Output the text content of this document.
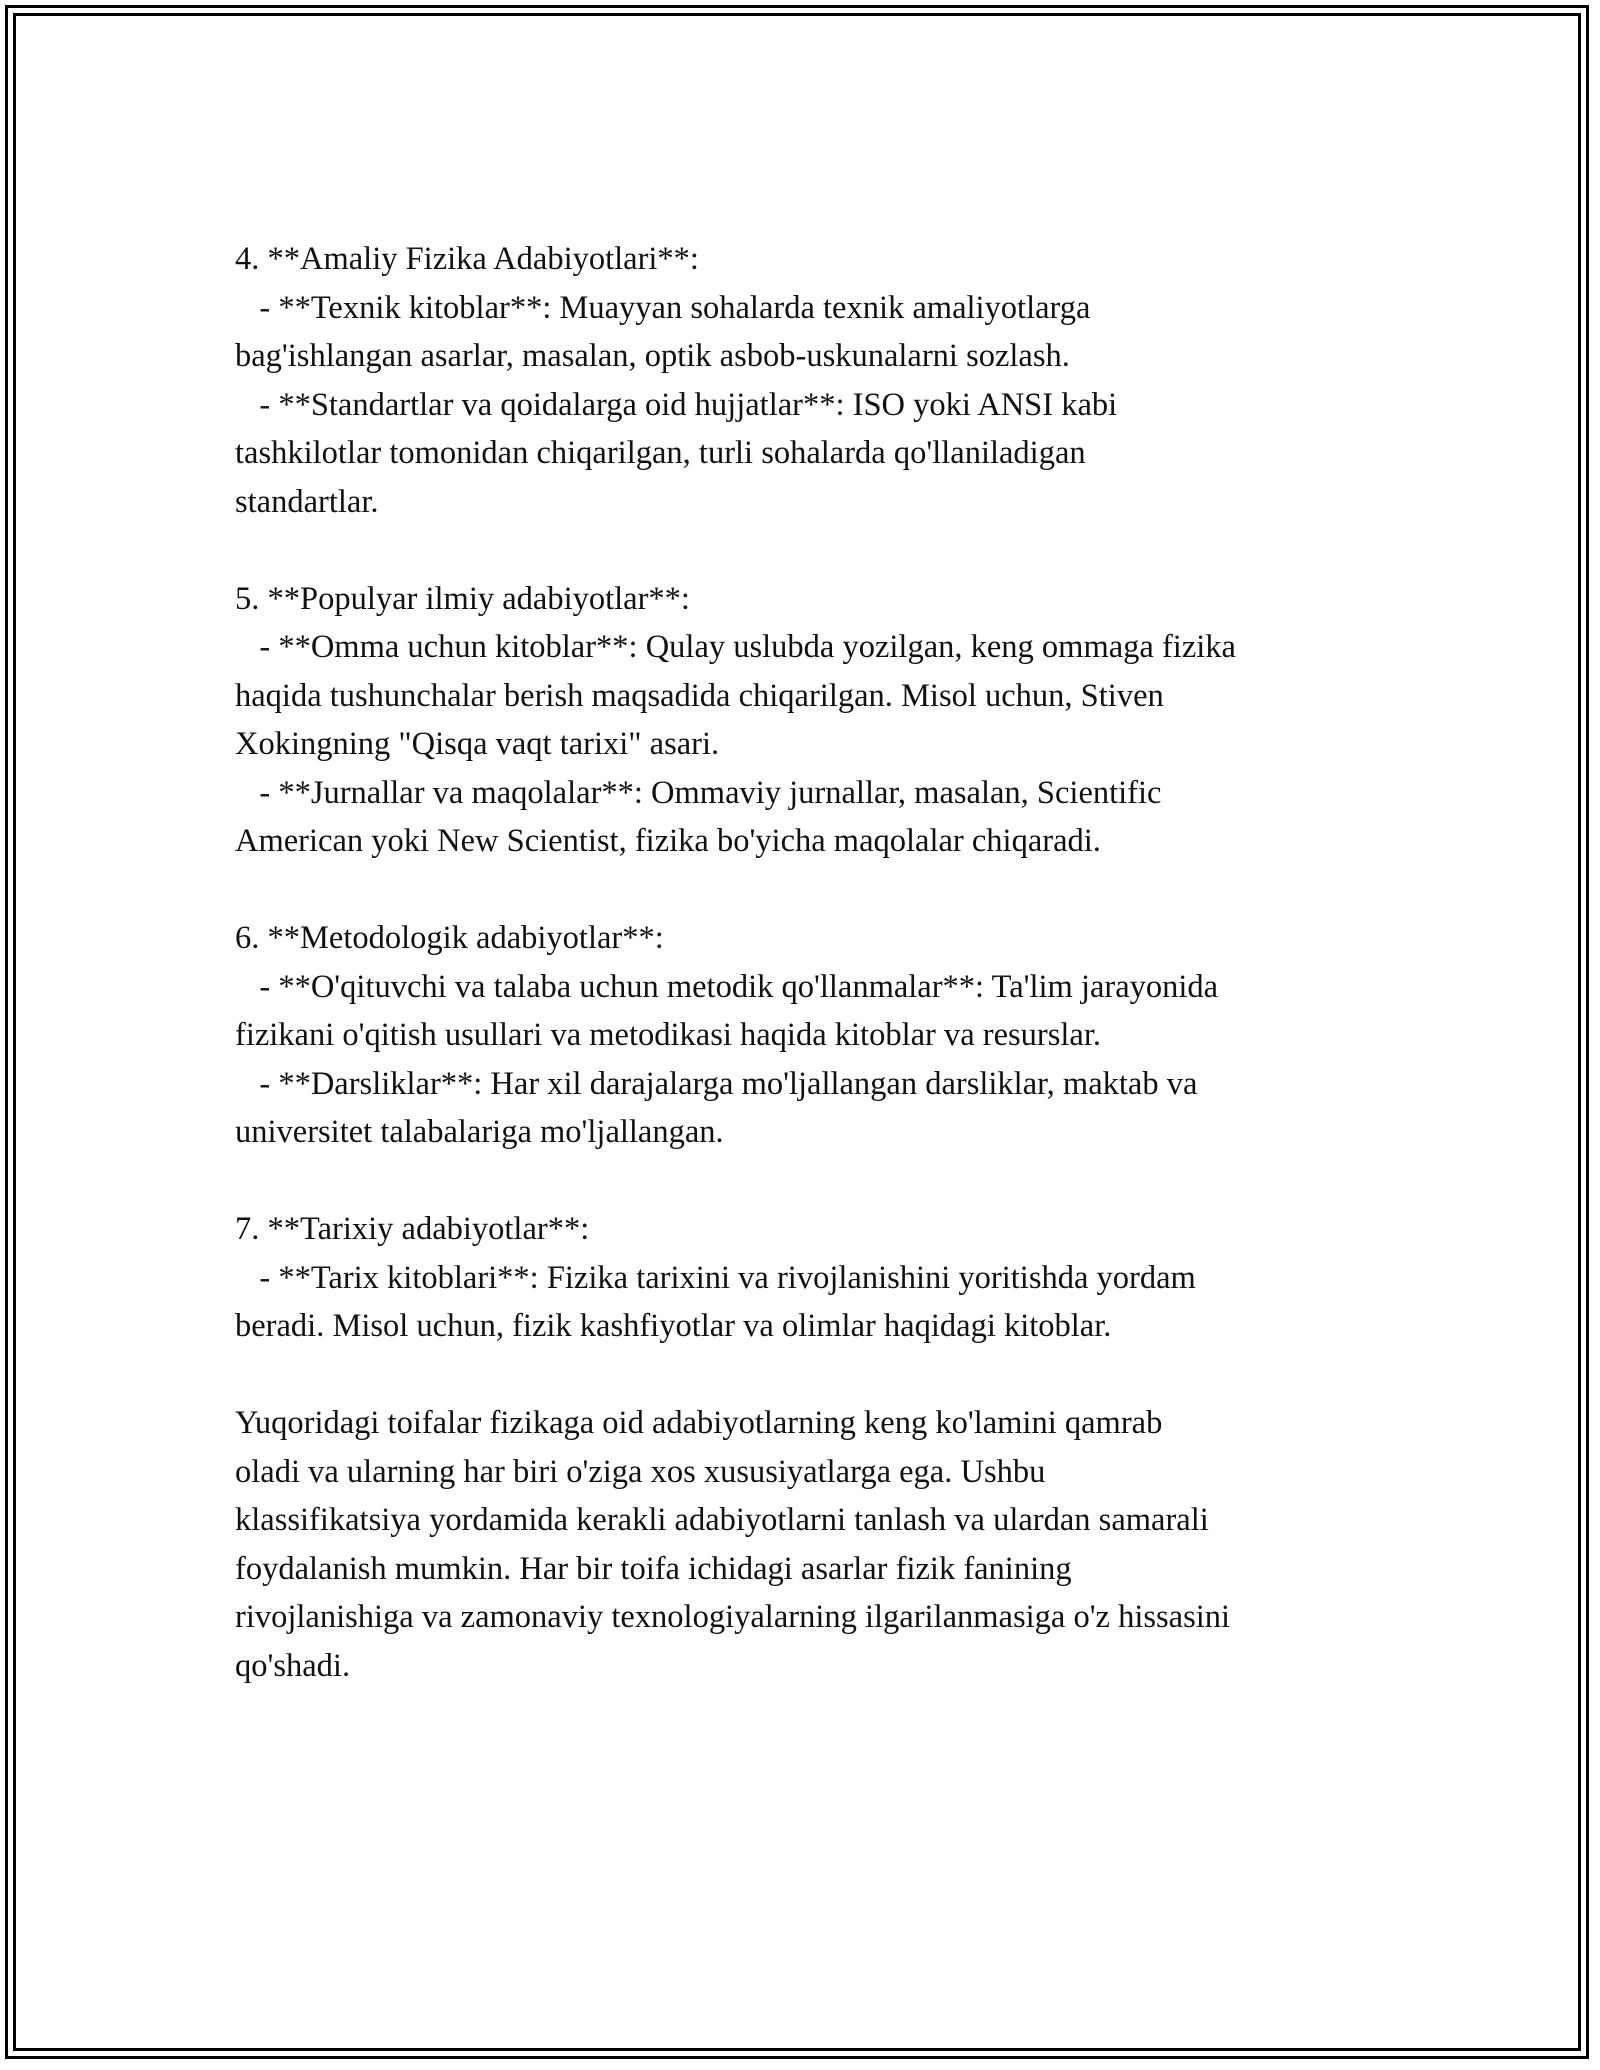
4. **Amaliy Fizika Adabiyotlari**:
- **Texnik kitoblar**: Muayyan sohalarda texnik amaliyotlarga
bag'ishlangan asarlar, masalan, optik asbob-uskunalarni sozlash.
- **Standartlar va qoidalarga oid hujjatlar**: ISO yoki ANSI kabi
tashkilotlar tomonidan chiqarilgan, turli sohalarda qo'llaniladigan
standartlar.
5. **Populyar ilmiy adabiyotlar**:
- **Omma uchun kitoblar**: Qulay uslubda yozilgan, keng ommaga fizika
haqida tushunchalar berish maqsadida chiqarilgan. Misol uchun, Stiven
Xokingning "Qisqa vaqt tarixi" asari.
- **Jurnallar va maqolalar**: Ommaviy jurnallar, masalan, Scientific
American yoki New Scientist, fizika bo'yicha maqolalar chiqaradi.
6. **Metodologik adabiyotlar**:
- **O'qituvchi va talaba uchun metodik qo'llanmalar**: Ta'lim jarayonida
fizikani o'qitish usullari va metodikasi haqida kitoblar va resurslar.
- **Darsliklar**: Har xil darajalarga mo'ljallangan darsliklar, maktab va
universitet talabalariga mo'ljallangan.
7. **Tarixiy adabiyotlar**:
- **Tarix kitoblari**: Fizika tarixini va rivojlanishini yoritishda yordam
beradi. Misol uchun, fizik kashfiyotlar va olimlar haqidagi kitoblar.
Yuqoridagi toifalar fizikaga oid adabiyotlarning keng ko'lamini qamrab
oladi va ularning har biri o'ziga xos xususiyatlarga ega. Ushbu
klassifikatsiya yordamida kerakli adabiyotlarni tanlash va ulardan samarali
foydalanish mumkin. Har bir toifa ichidagi asarlar fizik fanining
rivojlanishiga va zamonaviy texnologiyalarning ilgarilanmasiga o'z hissasini
qo'shadi.
